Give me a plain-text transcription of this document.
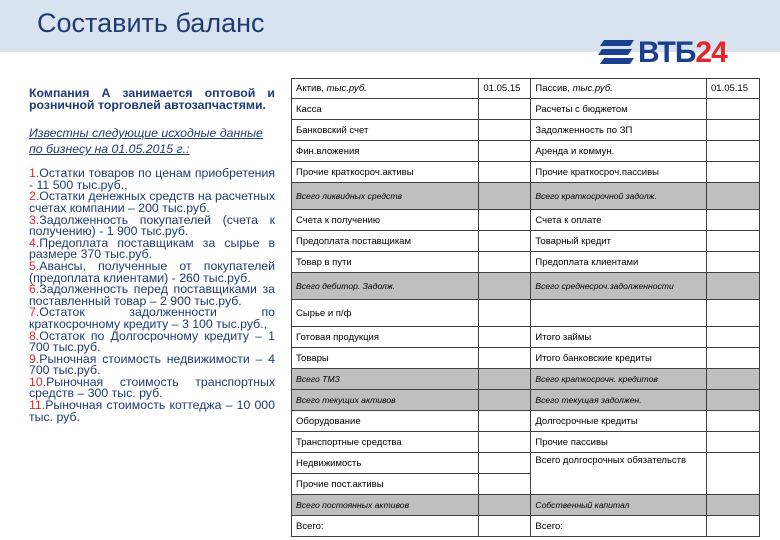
Составить баланс
ВТБ24
Компания А занимается оптовой и розничной торговлей автозапчастями.
Известны следующие исходные данные по бизнесу на 01.05.2015 г.:
1.Остатки товаров по ценам приобретения - 11 500 тыс.руб.,
2.Остатки денежных средств на расчетных счетах компании – 200 тыс.руб.
3.Задолженность покупателей (счета к получению) - 1 900 тыс.руб.
4.Предоплата поставщикам за сырье в размере 370 тыс.руб.
5.Авансы, полученные от покупателей (предоплата клиентами) - 260 тыс.руб.
6.Задолженность перед поставщиками за поставленный товар – 2 900 тыс.руб.
7.Остаток задолженности по краткосрочному кредиту – 3 100 тыс.руб.,
8.Остаток по Долгосрочному кредиту – 1 700 тыс.руб.
9.Рыночная стоимость недвижимости – 4 700 тыс.руб.
10.Рыночная стоимость транспортных средств – 300 тыс. руб.
11.Рыночная стоимость коттеджа – 10 000 тыс. руб.
Актив, тыс.руб.	01.05.15	Пассив, тыс.руб.	01.05.15
Касса		Расчеты с бюджетом	
Банковский счет		Задолженность по ЗП	
Фин.вложения		Аренда и коммун.	
Прочие краткосроч.активы		Прочие краткосроч.пассивы	
Всего ликвидных средств		Всего краткосрочной задолж.	
Счета к получению		Счета к оплате	
Предоплата поставщикам		Товарный кредит	
Товар в пути		Предоплата клиентами	
Всего дебитор. Задолж.		Всего среднесроч.задолженности	
Сырье и п/ф			
Готовая продукция		Итого займы	
Товары		Итого банковские кредиты	
Всего ТМЗ		Всего краткосрочн. кредитов	
Всего текущих активов		Всего текущая задолжен.	
Оборудование		Долгосрочные кредиты	
Транспортные средства		Прочие пассивы	
Недвижимость		Всего долгосрочных обязательств	
Прочие пост.активы			
Всего постоянных активов		Собственный капитал	
Всего:		Всего:	
